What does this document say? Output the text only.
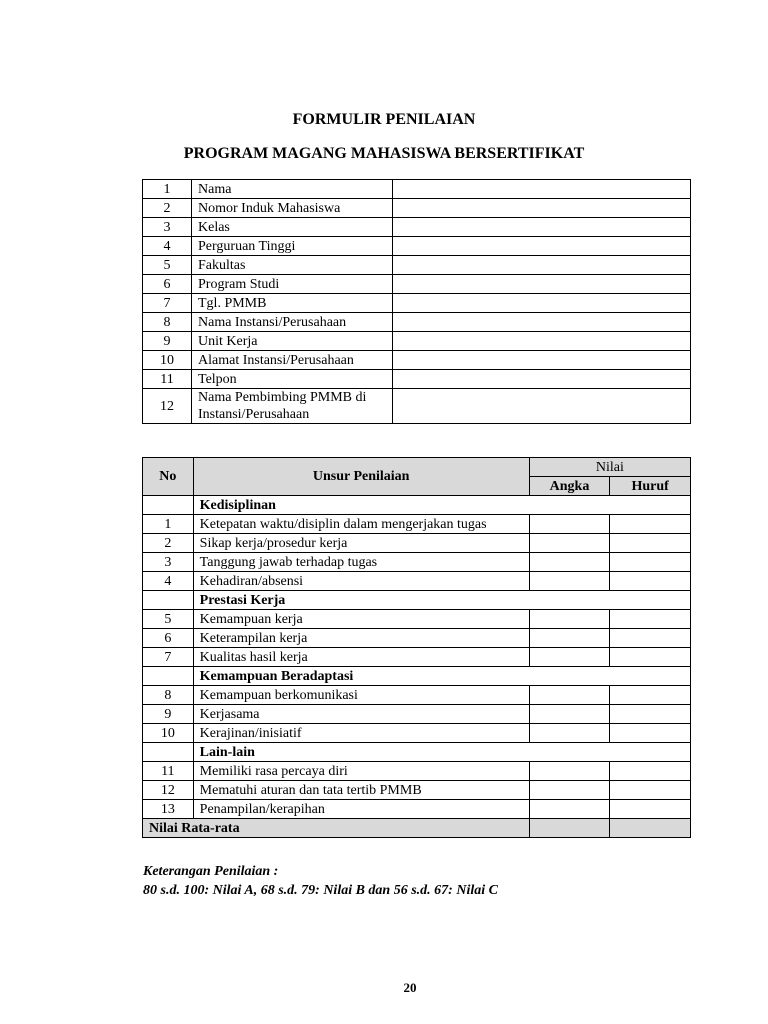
FORMULIR PENILAIAN
PROGRAM MAGANG MAHASISWA BERSERTIFIKAT
1	Nama	
2	Nomor Induk Mahasiswa	
3	Kelas	
4	Perguruan Tinggi	
5	Fakultas	
6	Program Studi	
7	Tgl. PMMB	
8	Nama Instansi/Perusahaan	
9	Unit Kerja	
10	Alamat Instansi/Perusahaan	
11	Telpon	
12	Nama Pembimbing PMMB di Instansi/Perusahaan	
No	Unsur Penilaian	Nilai	
		Angka	Huruf
	Kedisiplinan		
1	Ketepatan waktu/disiplin dalam mengerjakan tugas		
2	Sikap kerja/prosedur kerja		
3	Tanggung jawab terhadap tugas		
4	Kehadiran/absensi		
	Prestasi Kerja		
5	Kemampuan kerja		
6	Keterampilan kerja		
7	Kualitas hasil kerja		
	Kemampuan Beradaptasi		
8	Kemampuan berkomunikasi		
9	Kerjasama		
10	Kerajinan/inisiatif		
	Lain-lain		
11	Memiliki rasa percaya diri		
12	Mematuhi aturan dan tata tertib PMMB		
13	Penampilan/kerapihan		
Nilai Rata-rata			
Keterangan Penilaian :
80 s.d. 100: Nilai A, 68 s.d. 79: Nilai B dan 56 s.d. 67: Nilai C
20
